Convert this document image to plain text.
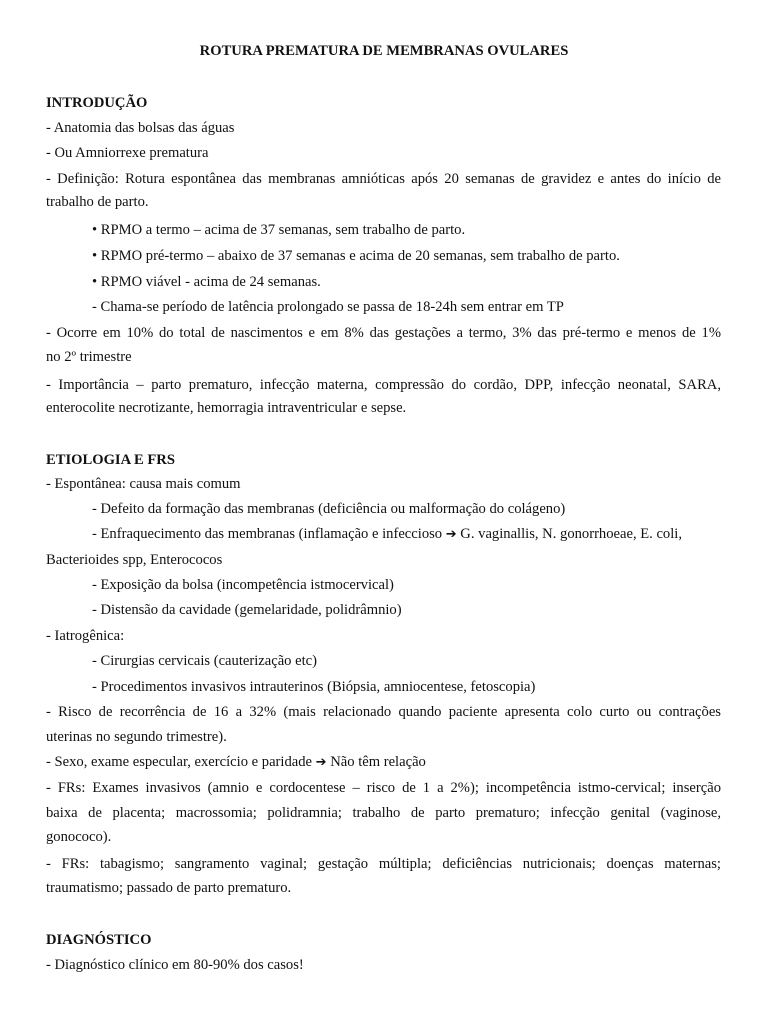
ROTURA PREMATURA DE MEMBRANAS OVULARES
INTRODUÇÃO
- Anatomia das bolsas das águas
- Ou Amniorrexe prematura
- Definição: Rotura espontânea das membranas amnióticas após 20 semanas de gravidez e antes do início de
trabalho de parto.
• RPMO a termo – acima de 37 semanas, sem trabalho de parto.
• RPMO pré-termo – abaixo de 37 semanas e acima de 20 semanas, sem trabalho de parto.
• RPMO viável - acima de 24 semanas.
- Chama-se período de latência prolongado se passa de 18-24h sem entrar em TP
- Ocorre em 10% do total de nascimentos e em 8% das gestações a termo, 3% das pré-termo e menos de 1%
no 2º trimestre
- Importância – parto prematuro, infecção materna, compressão do cordão, DPP, infecção neonatal, SARA,
enterocolite necrotizante, hemorragia intraventricular e sepse.
ETIOLOGIA E FRS
- Espontânea: causa mais comum
- Defeito da formação das membranas (deficiência ou malformação do colágeno)
- Enfraquecimento das membranas (inflamação e infeccioso ➔ G. vaginallis, N. gonorrhoeae, E. coli,
Bacterioides spp, Enterococos
- Exposição da bolsa (incompetência istmocervical)
- Distensão da cavidade (gemelaridade, polidrâmnio)
- Iatrogênica:
- Cirurgias cervicais (cauterização etc)
- Procedimentos invasivos intrauterinos (Biópsia, amniocentese, fetoscopia)
- Risco de recorrência de 16 a 32% (mais relacionado quando paciente apresenta colo curto ou contrações
uterinas no segundo trimestre).
- Sexo, exame especular, exercício e paridade ➔ Não têm relação
- FRs: Exames invasivos (amnio e cordocentese – risco de 1 a 2%); incompetência istmo-cervical; inserção
baixa de placenta; macrossomia; polidramnia; trabalho de parto prematuro; infecção genital (vaginose,
gonococo).
- FRs: tabagismo; sangramento vaginal; gestação múltipla; deficiências nutricionais; doenças maternas;
traumatismo; passado de parto prematuro.
DIAGNÓSTICO
- Diagnóstico clínico em 80-90% dos casos!
